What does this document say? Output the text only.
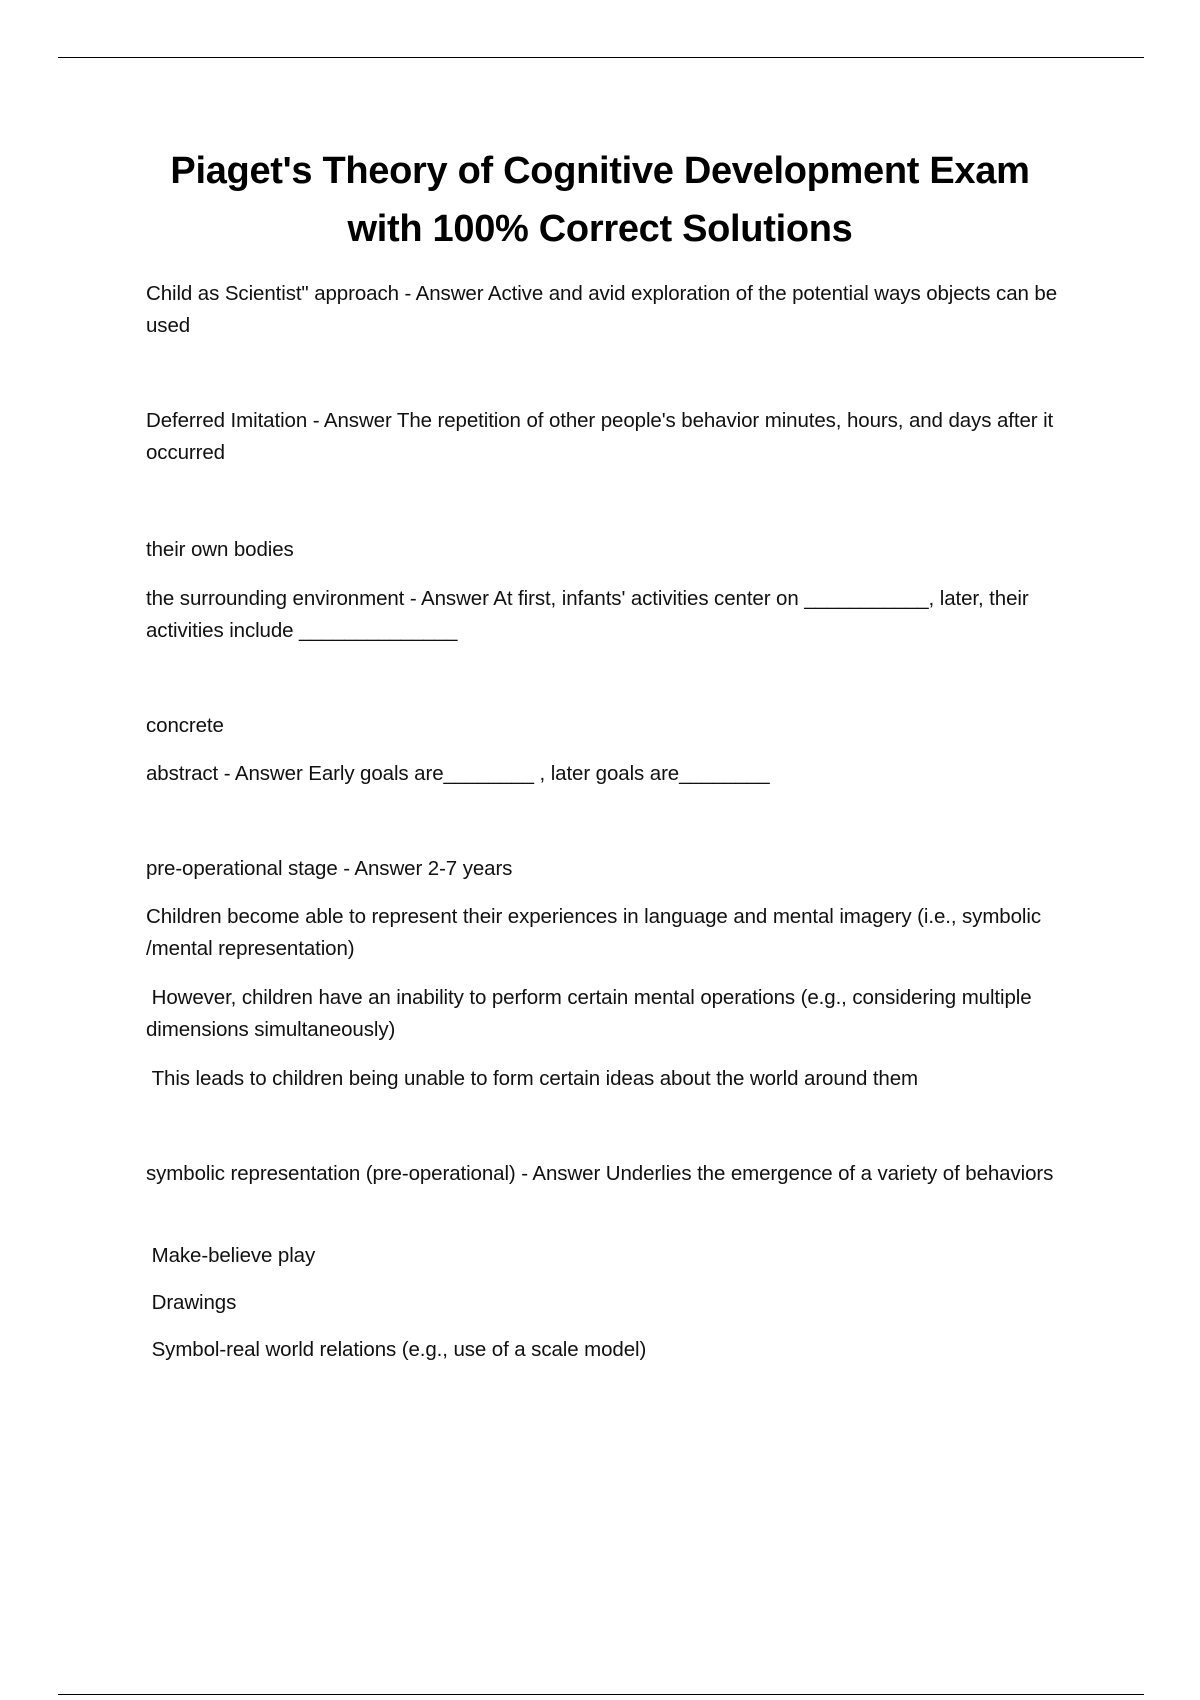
Piaget's Theory of Cognitive Development Exam
with 100% Correct Solutions

Child as Scientist" approach - Answer Active and avid exploration of the potential ways objects can be used

Deferred Imitation - Answer The repetition of other people's behavior minutes, hours, and days after it occurred

their own bodies

the surrounding environment - Answer At first, infants' activities center on ___________, later, their activities include ______________

concrete

abstract - Answer Early goals are________ , later goals are________

pre-operational stage - Answer 2-7 years

Children become able to represent their experiences in language and mental imagery (i.e., symbolic /mental representation)

However, children have an inability to perform certain mental operations (e.g., considering multiple dimensions simultaneously)

This leads to children being unable to form certain ideas about the world around them

symbolic representation (pre-operational) - Answer Underlies the emergence of a variety of behaviors

Make-believe play

Drawings

Symbol-real world relations (e.g., use of a scale model)
